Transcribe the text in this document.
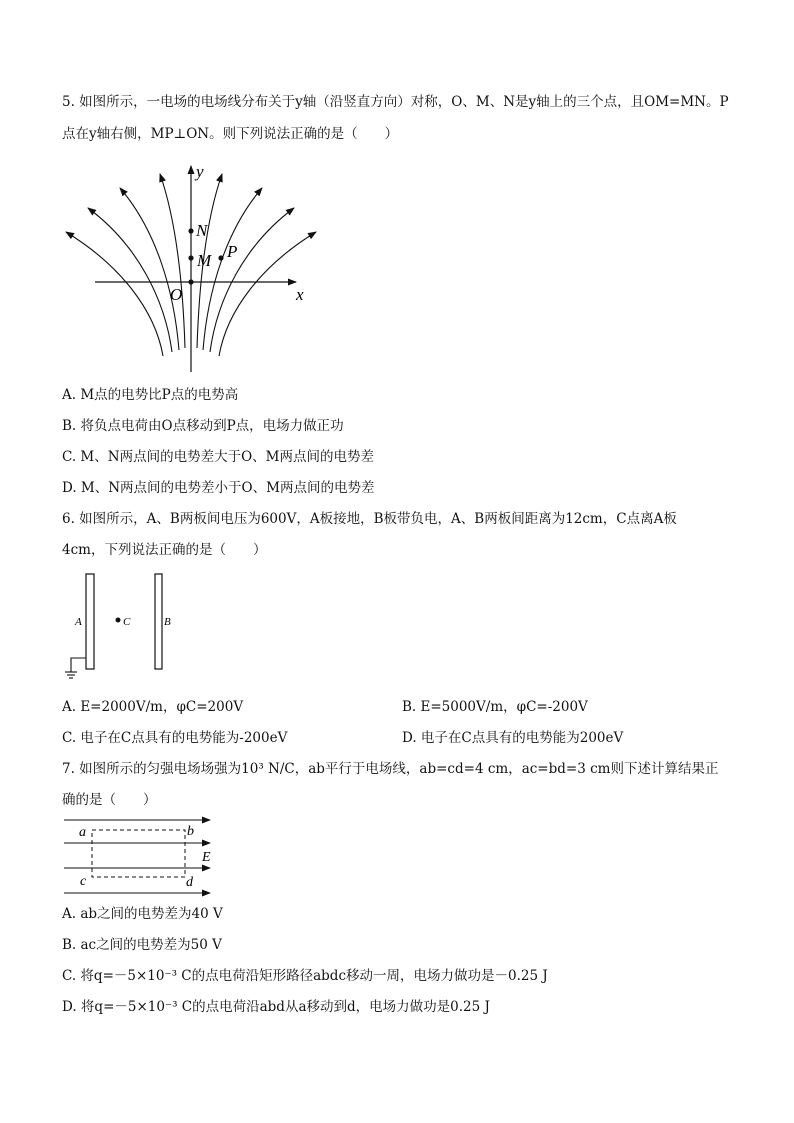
5. 如图所示，一电场的电场线分布关于y轴（沿竖直方向）对称，O、M、N是y轴上的三个点，且OM=MN。P
点在y轴右侧，MP⊥ON。则下列说法正确的是（　　）
y
x
N
M P
O
A. M点的电势比P点的电势高
B. 将负点电荷由O点移动到P点，电场力做正功
C. M、N两点间的电势差大于O、M两点间的电势差
D. M、N两点间的电势差小于O、M两点间的电势差
6. 如图所示，A、B两板间电压为600V，A板接地，B板带负电，A、B两板间距离为12cm，C点离A板
4cm，下列说法正确的是（　　）
A	C	B
A. E=2000V/m，φC=200V	B. E=5000V/m，φC=-200V
C. 电子在C点具有的电势能为-200eV	D. 电子在C点具有的电势能为200eV
7. 如图所示的匀强电场场强为10³ N/C，ab平行于电场线，ab=cd=4 cm，ac=bd=3 cm则下述计算结果正
确的是（　　）
a	b
c	d
E
A. ab之间的电势差为40 V
B. ac之间的电势差为50 V
C. 将q=－5×10⁻³ C的点电荷沿矩形路径abdc移动一周，电场力做功是－0.25 J
D. 将q=－5×10⁻³ C的点电荷沿abd从a移动到d，电场力做功是0.25 J
